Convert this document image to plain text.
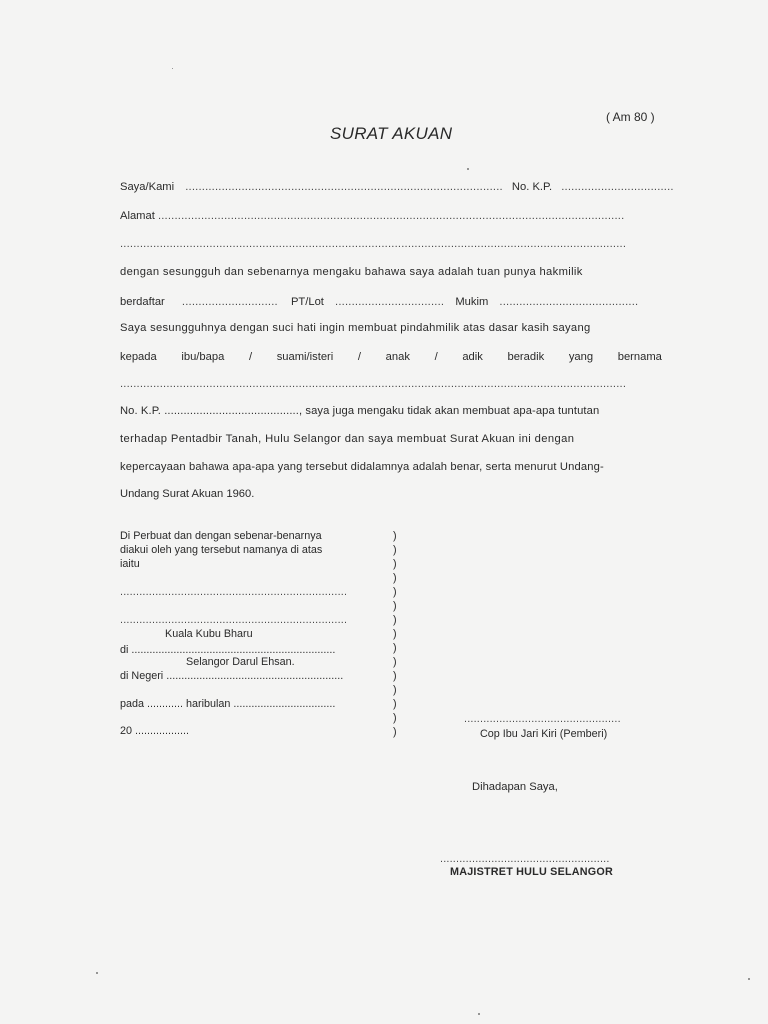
( Am 80 )
SURAT AKUAN
Saya/Kami ................................................................................................ No. K.P. ..................................
Alamat .............................................................................................................................................
.........................................................................................................................................................
dengan sesungguh dan sebenarnya mengaku bahawa saya adalah tuan punya hakmilik
berdaftar ............................. PT/Lot ................................. Mukim ..........................................
Saya sesungguhnya dengan suci hati ingin membuat pindahmilik atas dasar kasih sayang
kepada ibu/bapa / suami/isteri / anak / adik beradik yang bernama
.........................................................................................................................................................
No. K.P. .........................................., saya juga mengaku tidak akan membuat apa-apa tuntutan
terhadap Pentadbir Tanah, Hulu Selangor dan saya membuat Surat Akuan ini dengan
kepercayaan bahawa apa-apa yang tersebut didalamnya adalah benar, serta menurut Undang-
Undang Surat Akuan 1960.
Di Perbuat dan dengan sebenar-benarnya
diakui oleh yang tersebut namanya di atas
iaitu
.......................................................................
.......................................................................
Kuala Kubu Bharu
di ....................................................................
Selangor Darul Ehsan.
di Negeri ...........................................................
pada ............ haribulan ..................................
20 ..................
)
)
)
)
)
)
)
)
)
)
)
)
)
)
)
.................................................
Cop Ibu Jari Kiri (Pemberi)
Dihadapan Saya,
.....................................................
MAJISTRET HULU SELANGOR
